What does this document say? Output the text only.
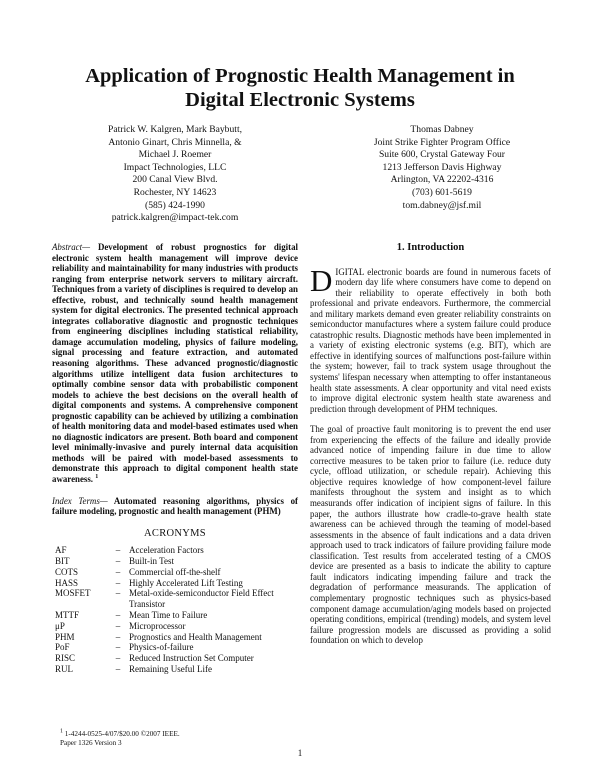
Application of Prognostic Health Management in
Digital Electronic Systems
Patrick W. Kalgren, Mark Baybutt,
Antonio Ginart, Chris Minnella, &
Michael J. Roemer
Impact Technologies, LLC
200 Canal View Blvd.
Rochester, NY 14623
(585) 424-1990
patrick.kalgren@impact-tek.com
Thomas Dabney
Joint Strike Fighter Program Office
Suite 600, Crystal Gateway Four
1213 Jefferson Davis Highway
Arlington, VA 22202-4316
(703) 601-5619
tom.dabney@jsf.mil

Abstract— Development of robust prognostics for digital electronic system health management will improve device reliability and maintainability for many industries with products ranging from enterprise network servers to military aircraft. Techniques from a variety of disciplines is required to develop an effective, robust, and technically sound health management system for digital electronics. The presented technical approach integrates collaborative diagnostic and prognostic techniques from engineering disciplines including statistical reliability, damage accumulation modeling, physics of failure modeling, signal processing and feature extraction, and automated reasoning algorithms. These advanced prognostic/diagnostic algorithms utilize intelligent data fusion architectures to optimally combine sensor data with probabilistic component models to achieve the best decisions on the overall health of digital components and systems. A comprehensive component prognostic capability can be achieved by utilizing a combination of health monitoring data and model-based estimates used when no diagnostic indicators are present. Both board and component level minimally-invasive and purely internal data acquisition methods will be paired with model-based assessments to demonstrate this approach to digital component health state awareness. $^1$

Index Terms— Automated reasoning algorithms, physics of failure modeling, prognostic and health management (PHM)

ACRONYMS
AF	–	Acceleration Factors
BIT	–	Built-in Test
COTS	–	Commercial off-the-shelf
HASS	–	Highly Accelerated Lift Testing
MOSFET	–	Metal-oxide-semiconductor Field Effect Transistor
MTTF	–	Mean Time to Failure
μP	–	Microprocessor
PHM	–	Prognostics and Health Management
PoF	–	Physics-of-failure
RISC	–	Reduced Instruction Set Computer
RUL	–	Remaining Useful Life
$^1$ 1-4244-0525-4/07/$20.00 ©2007 IEEE.
Paper 1326 Version 3
1. Introduction

D IGITAL electronic boards are found in numerous facets of modern day life where consumers have come to depend on their reliability to operate effectively in both both professional and private endeavors. Furthermore, the commercial and military markets demand even greater reliability constraints on semiconductor manufactures where a system failure could produce catastrophic results. Diagnostic methods have been implemented in a variety of existing electronic systems (e.g. BIT), which are effective in identifying sources of malfunctions post-failure within the system; however, fail to track system usage throughout the systems' lifespan necessary when attempting to offer instantaneous health state assessments. A clear opportunity and vital need exists to improve digital electronic system health state awareness and prediction through development of PHM techniques.

The goal of proactive fault monitoring is to prevent the end user from experiencing the effects of the failure and ideally provide advanced notice of impending failure in due time to allow corrective measures to be taken prior to failure (i.e. reduce duty cycle, offload utilization, or schedule repair). Achieving this objective requires knowledge of how component-level failure manifests throughout the system and insight as to which measurands offer indication of incipient signs of failure. In this paper, the authors illustrate how cradle-to-grave health state awareness can be achieved through the teaming of model-based assessments in the absence of fault indications and a data driven approach used to track indicators of failure providing failure mode classification. Test results from accelerated testing of a CMOS device are presented as a basis to indicate the ability to capture fault indicators indicating impending failure and track the degradation of performance measurands. The application of complementary prognostic techniques such as physics-based component damage accumulation/aging models based on projected operating conditions, empirical (trending) models, and system level failure progression models are discussed as providing a solid foundation on which to develop

1
